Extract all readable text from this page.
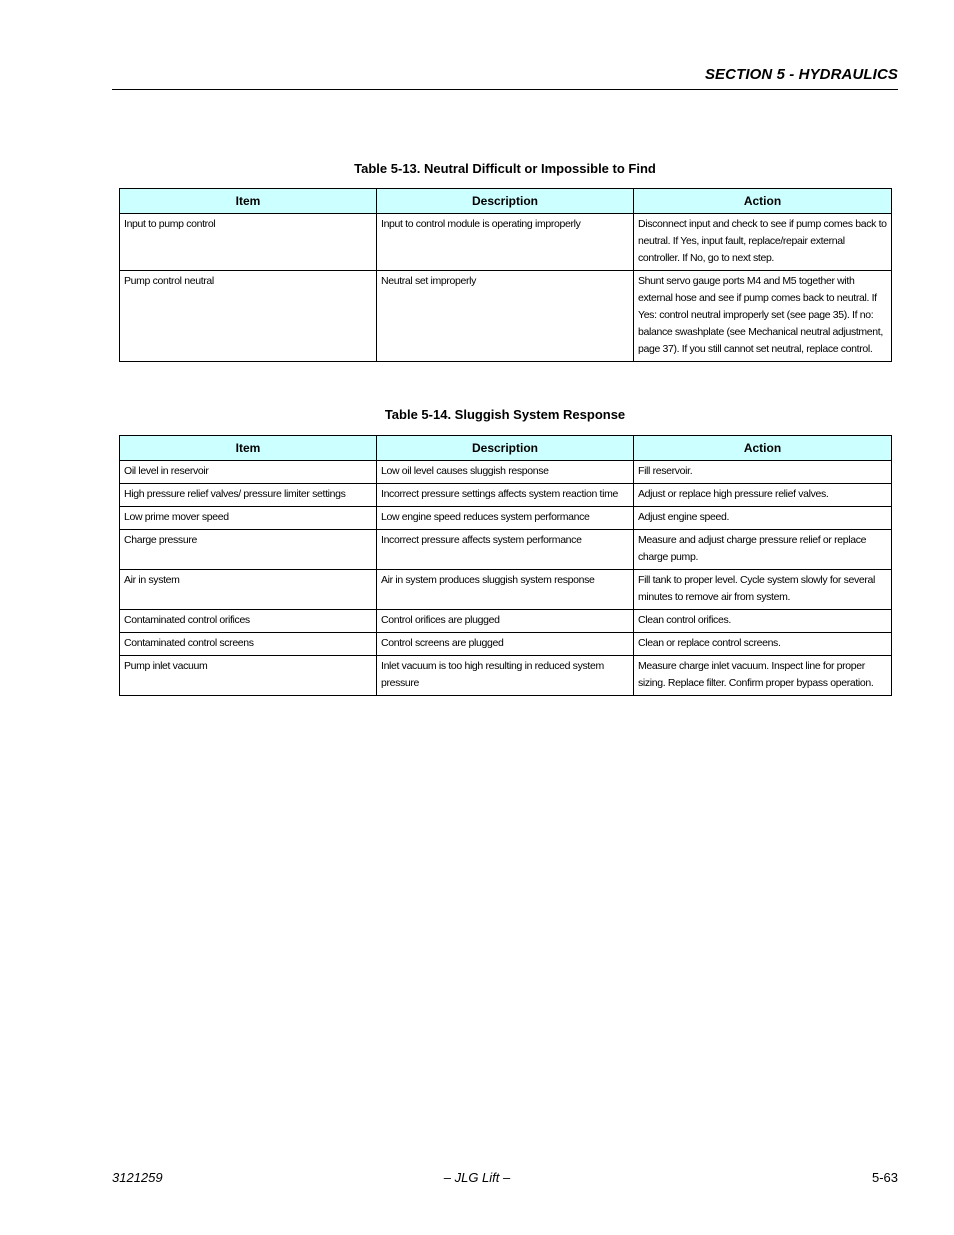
SECTION 5 - HYDRAULICS
Table 5-13. Neutral Difficult or Impossible to Find
Item	Description	Action
Input to pump control	Input to control module is operating improperly	Disconnect input and check to see if pump comes back to neutral. If Yes, input fault, replace/repair external controller. If No, go to next step.
Pump control neutral	Neutral set improperly	Shunt servo gauge ports M4 and M5 together with external hose and see if pump comes back to neutral. If Yes: control neutral improperly set (see page 35). If no: balance swashplate (see Mechanical neutral adjustment, page 37). If you still cannot set neutral, replace control.
Table 5-14. Sluggish System Response
Item	Description	Action
Oil level in reservoir	Low oil level causes sluggish response	Fill reservoir.
High pressure relief valves/ pressure limiter settings	Incorrect pressure settings affects system reaction time	Adjust or replace high pressure relief valves.
Low prime mover speed	Low engine speed reduces system performance	Adjust engine speed.
Charge pressure	Incorrect pressure affects system performance	Measure and adjust charge pressure relief or replace charge pump.
Air in system	Air in system produces sluggish system response	Fill tank to proper level. Cycle system slowly for several minutes to remove air from system.
Contaminated control orifices	Control orifices are plugged	Clean control orifices.
Contaminated control screens	Control screens are plugged	Clean or replace control screens.
Pump inlet vacuum	Inlet vacuum is too high resulting in reduced system pressure	Measure charge inlet vacuum. Inspect line for proper sizing. Replace filter. Confirm proper bypass operation.
3121259	– JLG Lift –	5-63
